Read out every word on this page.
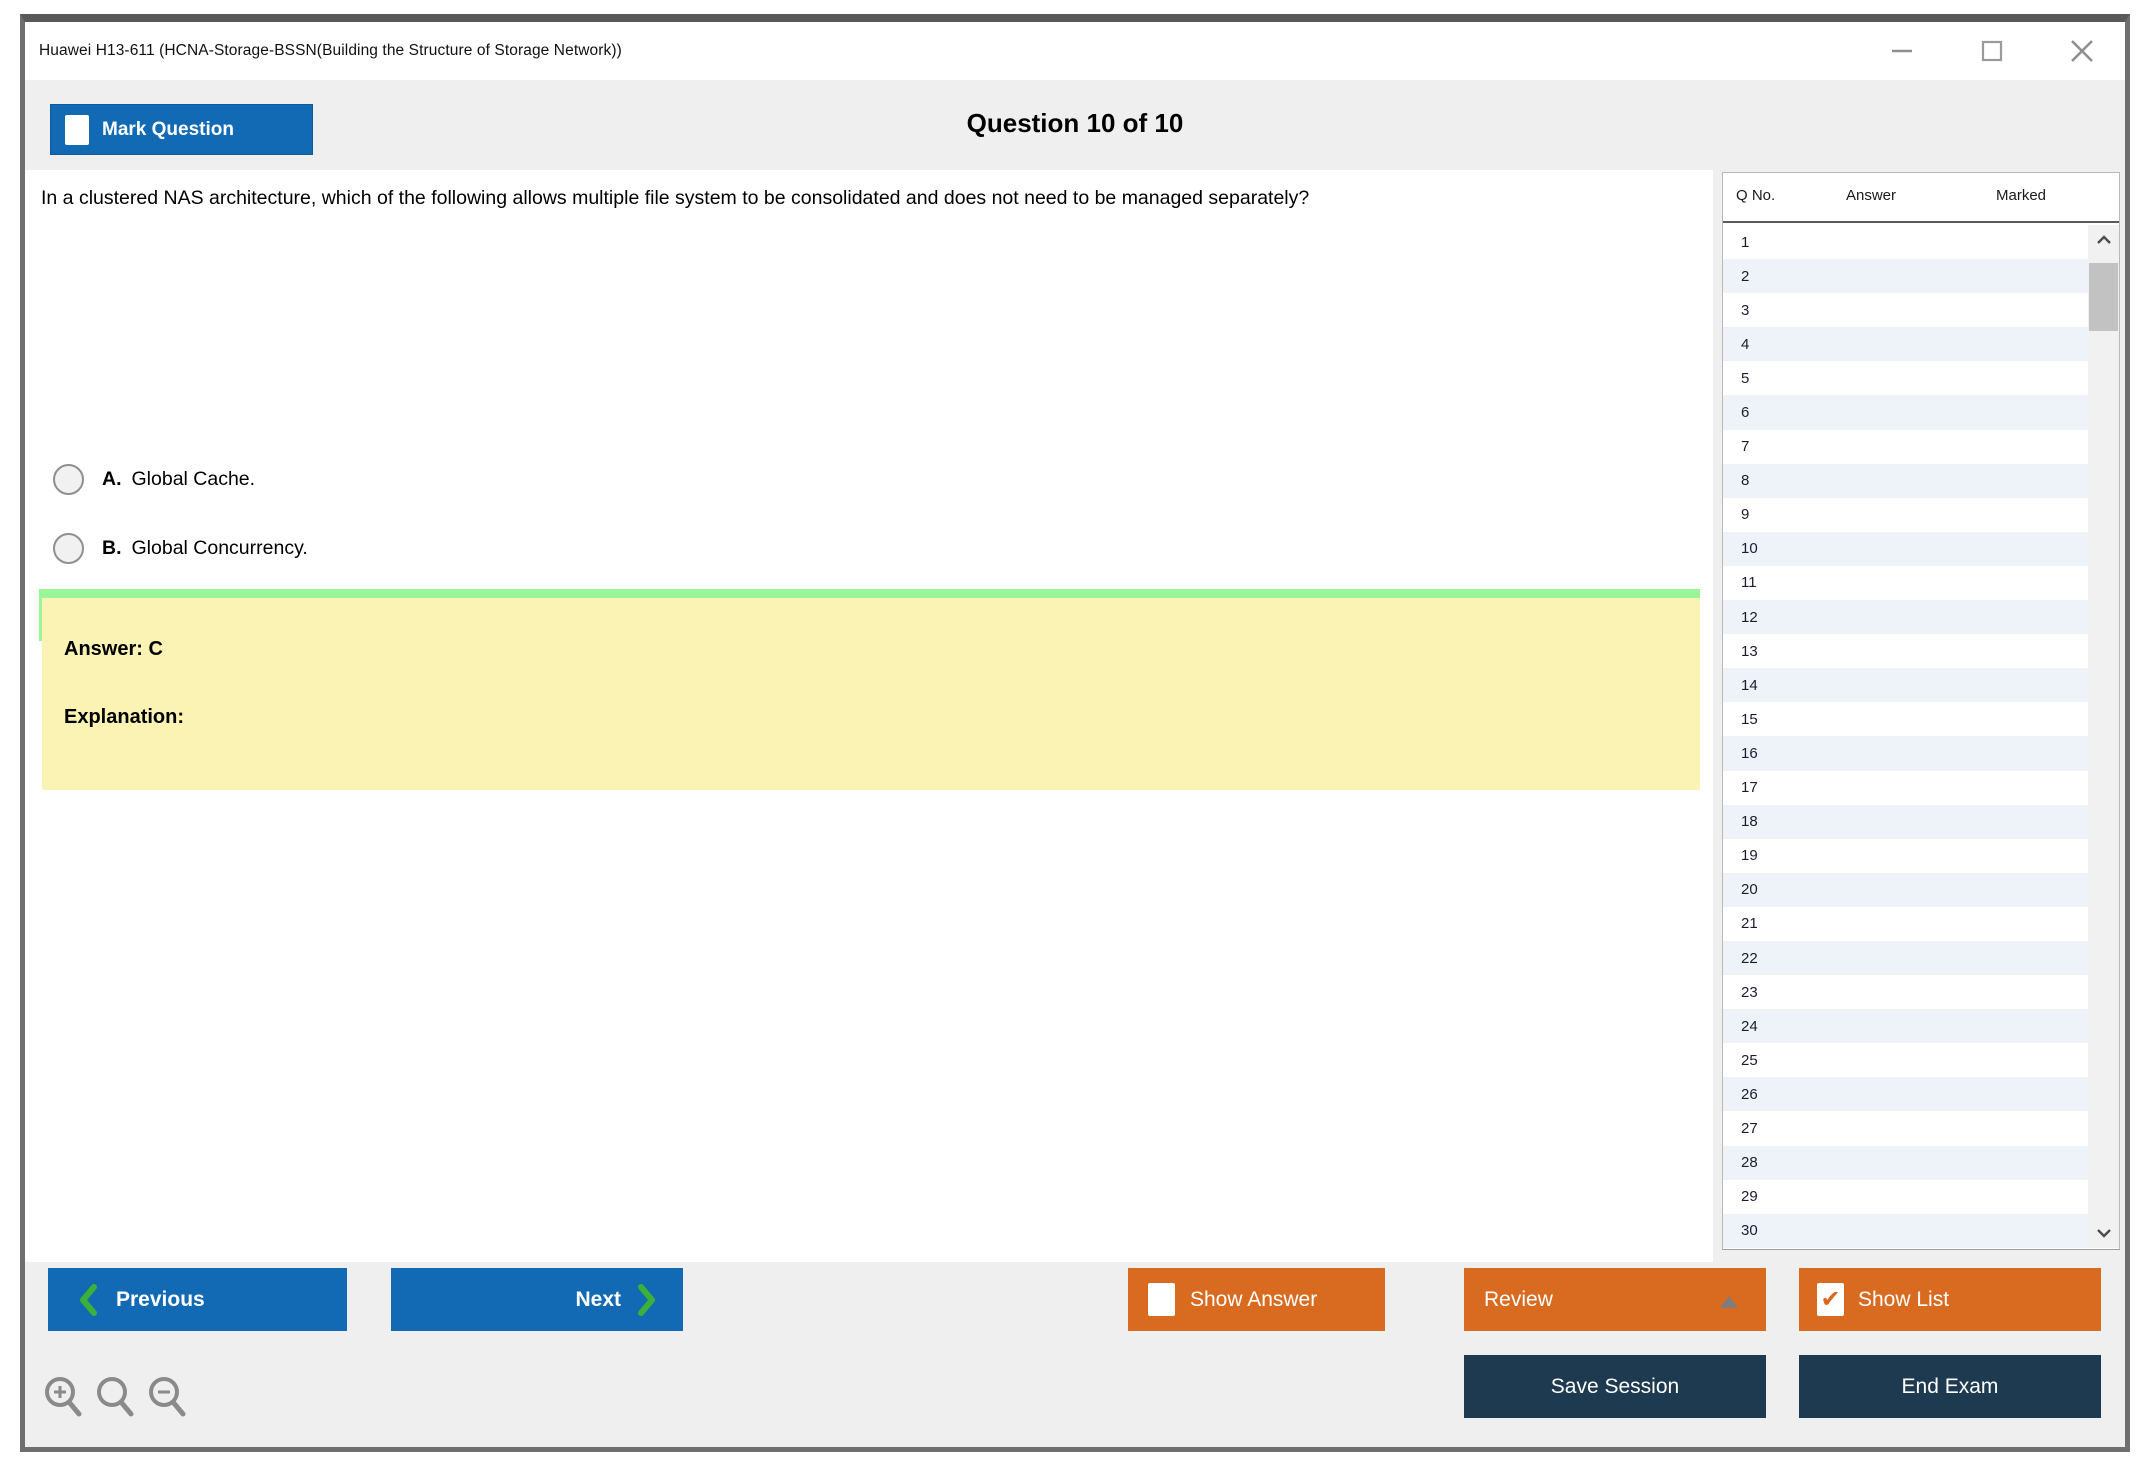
Huawei H13-611 (HCNA-Storage-BSSN(Building the Structure of Storage Network))
Mark Question	Question 10 of 10
In a clustered NAS architecture, which of the following allows multiple file system to be consolidated and does not need to be managed separately?
A. Global Cache.
B. Global Concurrency.
Answer: C
Explanation:
Q No.	Answer	Marked
1
2
3
4
5
6
7
8
9
10
11
12
13
14
15
16
17
18
19
20
21
22
23
24
25
26
27
28
29
30
Previous	Next	Show Answer	Review	✔ Show List
Save Session	End Exam
